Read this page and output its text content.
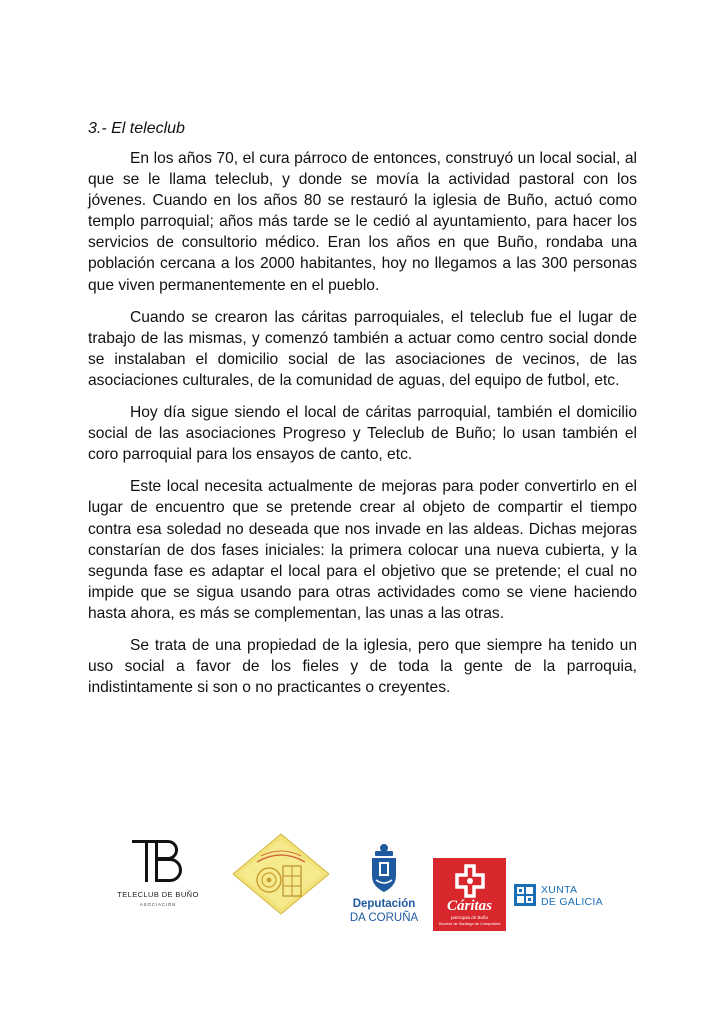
3.- El teleclub

En los años 70, el cura párroco de entonces, construyó un local social, al que se le llama teleclub, y donde se movía la actividad pastoral con los jóvenes. Cuando en los años 80 se restauró la iglesia de Buño, actuó como templo parroquial; años más tarde se le cedió al ayuntamiento, para hacer los servicios de consultorio médico. Eran los años en que Buño, rondaba una población cercana a los 2000 habitantes, hoy no llegamos a las 300 personas que viven permanentemente en el pueblo.

Cuando se crearon las cáritas parroquiales, el teleclub fue el lugar de trabajo de las mismas, y comenzó también a actuar como centro social donde se instalaban el domicilio social de las asociaciones de vecinos, de las asociaciones culturales, de la comunidad de aguas, del equipo de futbol, etc.

Hoy día sigue siendo el local de cáritas parroquial, también el domicilio social de las asociaciones Progreso y Teleclub de Buño; lo usan también el coro parroquial para los ensayos de canto, etc.

Este local necesita actualmente de mejoras para poder convertirlo en el lugar de encuentro que se pretende crear al objeto de compartir el tiempo contra esa soledad no deseada que nos invade en las aldeas. Dichas mejoras constarían de dos fases iniciales: la primera colocar una nueva cubierta, y la segunda fase es adaptar el local para el objetivo que se pretende; el cual no impide que se sigua usando para otras actividades como se viene haciendo hasta ahora, es más se complementan, las unas a las otras.

Se trata de una propiedad de la iglesia, pero que siempre ha tenido un uso social a favor de los fieles y de toda la gente de la parroquia, indistintamente si son o no practicantes o creyentes.

TELECLUB DE BUÑO
ASOCIACIÓN	Deputación
DA CORUÑA
Cáritas
parroquia de Buño
Diocese de Santiago de Compostela
XUNTA
DE GALICIA
